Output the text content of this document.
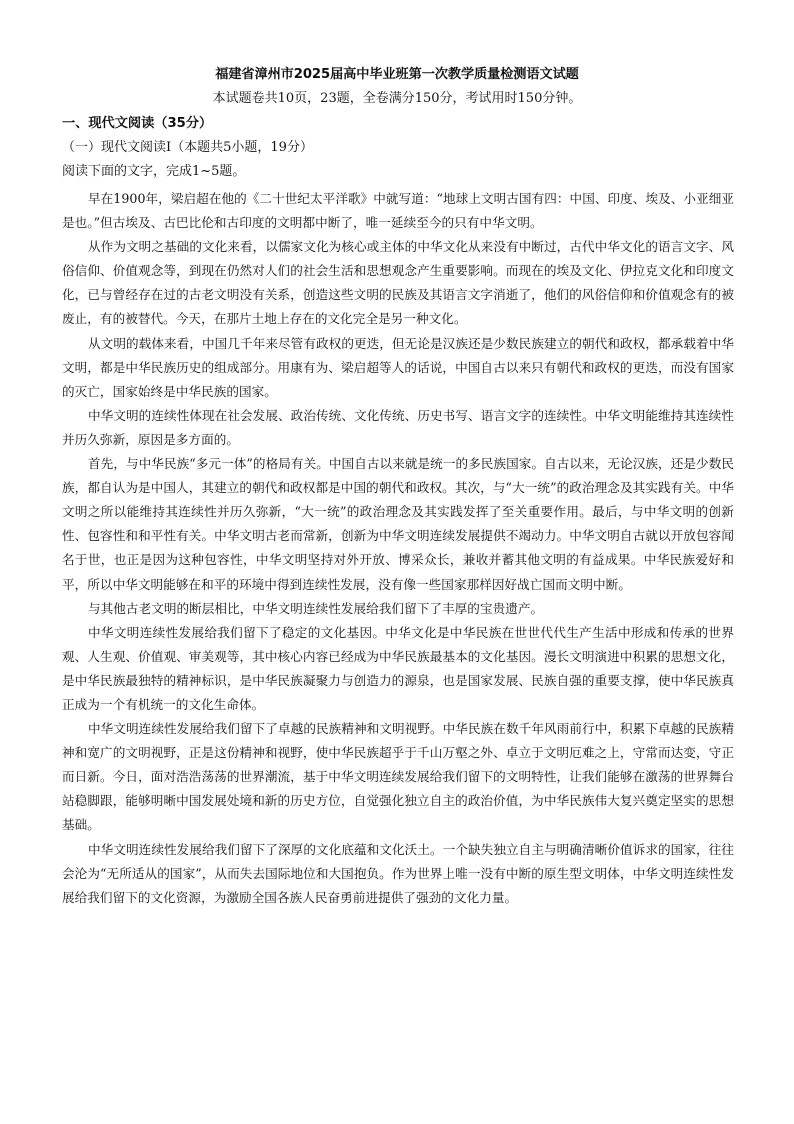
福建省漳州市2025届高中毕业班第一次教学质量检测语文试题
本试题卷共10页，23题，全卷满分150分，考试用时150分钟。
一、现代文阅读（35分）
（一）现代文阅读Ⅰ（本题共5小题，19分）
阅读下面的文字，完成1~5题。

早在1900年，梁启超在他的《二十世纪太平洋歌》中就写道：“地球上文明古国有四：中国、印度、埃及、小亚细亚是也。”但古埃及、古巴比伦和古印度的文明都中断了，唯一延续至今的只有中华文明。

从作为文明之基础的文化来看，以儒家文化为核心或主体的中华文化从来没有中断过，古代中华文化的语言文字、风俗信仰、价值观念等，到现在仍然对人们的社会生活和思想观念产生重要影响。而现在的埃及文化、伊拉克文化和印度文化，已与曾经存在过的古老文明没有关系，创造这些文明的民族及其语言文字消逝了，他们的风俗信仰和价值观念有的被废止，有的被替代。今天，在那片土地上存在的文化完全是另一种文化。

从文明的载体来看，中国几千年来尽管有政权的更迭，但无论是汉族还是少数民族建立的朝代和政权，都承载着中华文明，都是中华民族历史的组成部分。用康有为、梁启超等人的话说，中国自古以来只有朝代和政权的更迭，而没有国家的灭亡，国家始终是中华民族的国家。

中华文明的连续性体现在社会发展、政治传统、文化传统、历史书写、语言文字的连续性。中华文明能维持其连续性并历久弥新，原因是多方面的。

首先，与中华民族“多元一体”的格局有关。中国自古以来就是统一的多民族国家。自古以来，无论汉族，还是少数民族，都自认为是中国人，其建立的朝代和政权都是中国的朝代和政权。其次，与“大一统”的政治理念及其实践有关。中华文明之所以能维持其连续性并历久弥新，“大一统”的政治理念及其实践发挥了至关重要作用。最后，与中华文明的创新性、包容性和和平性有关。中华文明古老而常新，创新为中华文明连续发展提供不竭动力。中华文明自古就以开放包容闻名于世，也正是因为这种包容性，中华文明坚持对外开放、博采众长，兼收并蓄其他文明的有益成果。中华民族爱好和平，所以中华文明能够在和平的环境中得到连续性发展，没有像一些国家那样因好战亡国而文明中断。

与其他古老文明的断层相比，中华文明连续性发展给我们留下了丰厚的宝贵遗产。

中华文明连续性发展给我们留下了稳定的文化基因。中华文化是中华民族在世世代代生产生活中形成和传承的世界观、人生观、价值观、审美观等，其中核心内容已经成为中华民族最基本的文化基因。漫长文明演进中积累的思想文化，是中华民族最独特的精神标识，是中华民族凝聚力与创造力的源泉，也是国家发展、民族自强的重要支撑，使中华民族真正成为一个有机统一的文化生命体。

中华文明连续性发展给我们留下了卓越的民族精神和文明视野。中华民族在数千年风雨前行中，积累下卓越的民族精神和宽广的文明视野，正是这份精神和视野，使中华民族超乎于千山万壑之外、卓立于文明厄难之上，守常而达变，守正而日新。今日，面对浩浩荡荡的世界潮流，基于中华文明连续发展给我们留下的文明特性，让我们能够在激荡的世界舞台站稳脚跟，能够明晰中国发展处境和新的历史方位，自觉强化独立自主的政治价值，为中华民族伟大复兴奠定坚实的思想基础。

中华文明连续性发展给我们留下了深厚的文化底蕴和文化沃土。一个缺失独立自主与明确清晰价值诉求的国家，往往会沦为“无所适从的国家”，从而失去国际地位和大国抱负。作为世界上唯一没有中断的原生型文明体，中华文明连续性发展给我们留下的文化资源，为激励全国各族人民奋勇前进提供了强劲的文化力量。
